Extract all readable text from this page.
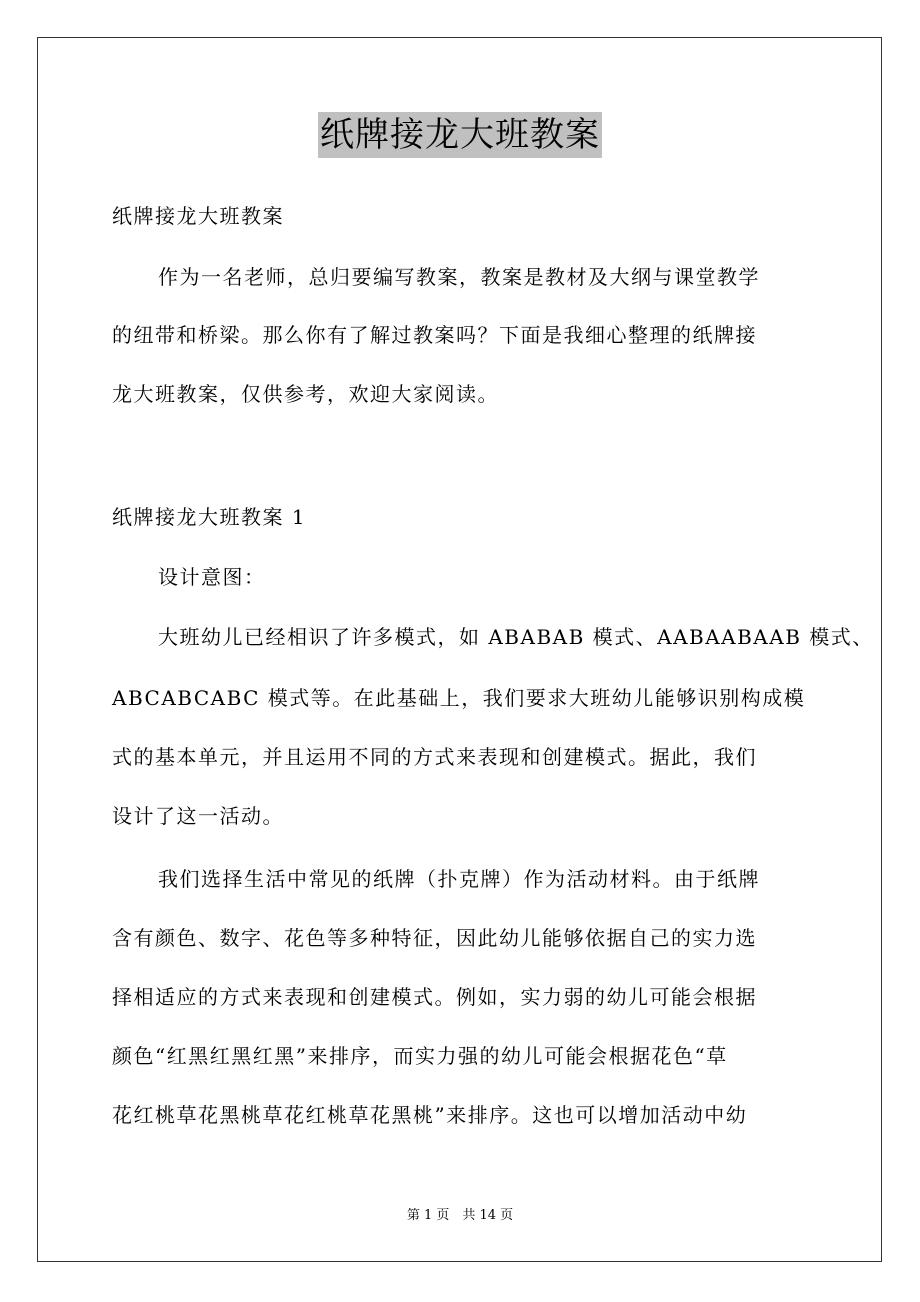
纸牌接龙大班教案
纸牌接龙大班教案
作为一名老师，总归要编写教案，教案是教材及大纲与课堂教学
的纽带和桥梁。那么你有了解过教案吗？下面是我细心整理的纸牌接
龙大班教案，仅供参考，欢迎大家阅读。
纸牌接龙大班教案 1
设计意图：
大班幼儿已经相识了许多模式，如 ABABAB 模式、AABAABAAB 模式、
ABCABCABC 模式等。在此基础上，我们要求大班幼儿能够识别构成模
式的基本单元，并且运用不同的方式来表现和创建模式。据此，我们
设计了这一活动。
我们选择生活中常见的纸牌（扑克牌）作为活动材料。由于纸牌
含有颜色、数字、花色等多种特征，因此幼儿能够依据自己的实力选
择相适应的方式来表现和创建模式。例如，实力弱的幼儿可能会根据
颜色“红黑红黑红黑”来排序，而实力强的幼儿可能会根据花色“草
花红桃草花黑桃草花红桃草花黑桃”来排序。这也可以增加活动中幼
第 1 页　共 14 页
